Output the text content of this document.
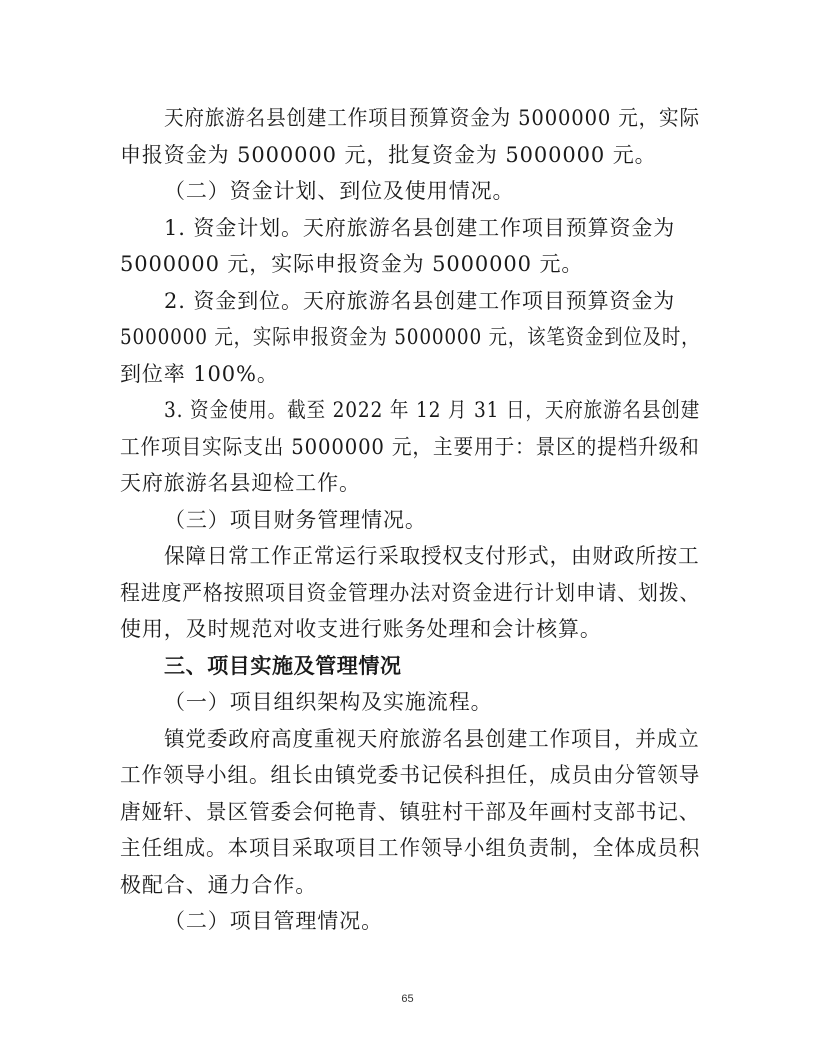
天府旅游名县创建工作项目预算资金为 5000000 元，实际
申报资金为 5000000 元，批复资金为 5000000 元。
（二）资金计划、到位及使用情况。
1. 资金计划。天府旅游名县创建工作项目预算资金为
5000000 元，实际申报资金为 5000000 元。
2. 资金到位。天府旅游名县创建工作项目预算资金为
5000000 元，实际申报资金为 5000000 元，该笔资金到位及时，
到位率 100%。
3. 资金使用。截至 2022 年 12 月 31 日，天府旅游名县创建
工作项目实际支出 5000000 元，主要用于：景区的提档升级和
天府旅游名县迎检工作。
（三）项目财务管理情况。
保障日常工作正常运行采取授权支付形式，由财政所按工
程进度严格按照项目资金管理办法对资金进行计划申请、划拨、
使用，及时规范对收支进行账务处理和会计核算。
三、项目实施及管理情况
（一）项目组织架构及实施流程。
镇党委政府高度重视天府旅游名县创建工作项目，并成立
工作领导小组。组长由镇党委书记侯科担任，成员由分管领导
唐娅轩、景区管委会何艳青、镇驻村干部及年画村支部书记、
主任组成。本项目采取项目工作领导小组负责制，全体成员积
极配合、通力合作。
（二）项目管理情况。
65
